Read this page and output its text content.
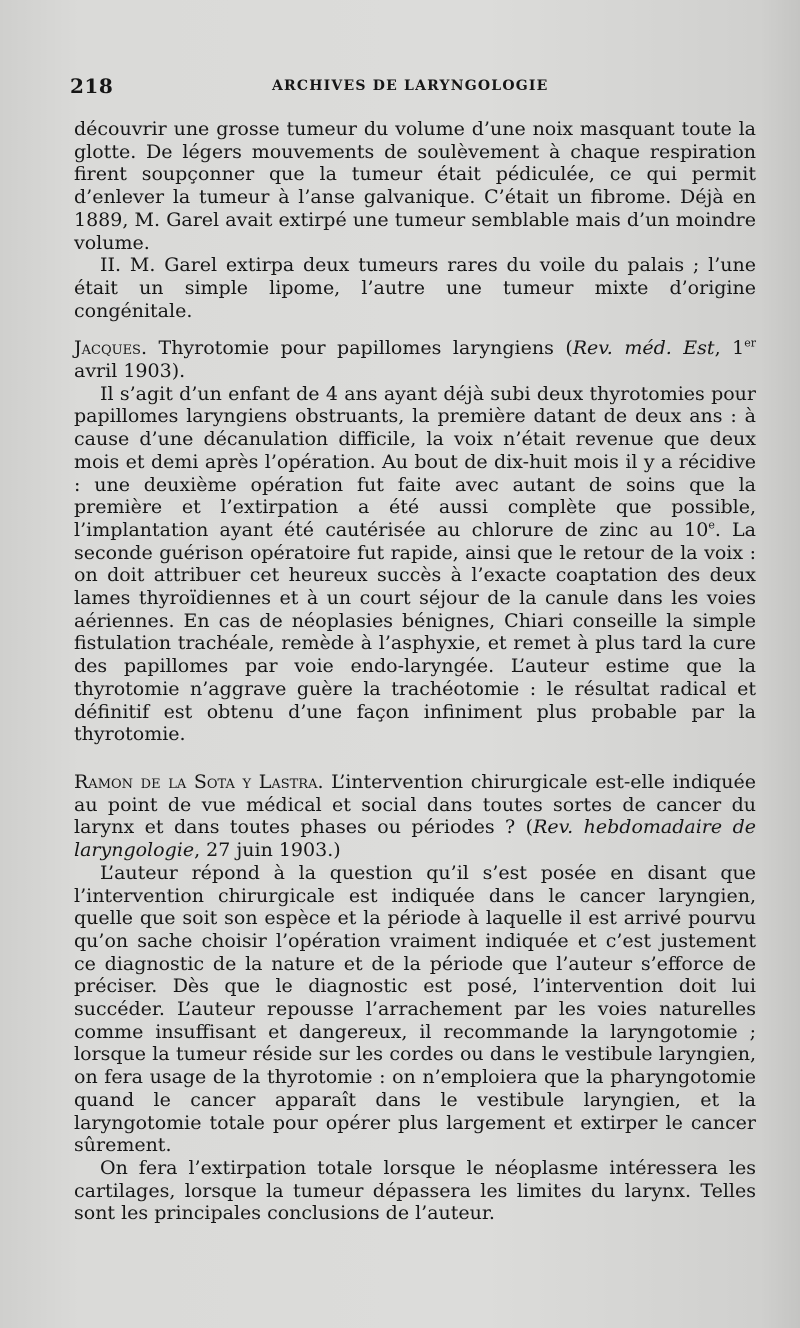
218	ARCHIVES DE LARYNGOLOGIE

découvrir une grosse tumeur du volume d’une noix masquant toute la glotte. De légers mouvements de soulèvement à chaque respiration firent soupçonner que la tumeur était pédiculée, ce qui permit d’enlever la tumeur à l’anse galvanique. C’était un fibrome. Déjà en 1889, M. Garel avait extirpé une tumeur semblable mais d’un moindre volume.

II. M. Garel extirpa deux tumeurs rares du voile du palais ; l’une était un simple lipome, l’autre une tumeur mixte d’origine congénitale.

Jacques. Thyrotomie pour papillomes laryngiens (Rev. méd. Est, 1er avril 1903).

Il s’agit d’un enfant de 4 ans ayant déjà subi deux thyrotomies pour papillomes laryngiens obstruants, la première datant de deux ans : à cause d’une décanulation difficile, la voix n’était revenue que deux mois et demi après l’opération. Au bout de dix-huit mois il y a récidive : une deuxième opération fut faite avec autant de soins que la première et l’extirpation a été aussi complète que possible, l’implantation ayant été cautérisée au chlorure de zinc au 10e. La seconde guérison opératoire fut rapide, ainsi que le retour de la voix : on doit attribuer cet heureux succès à l’exacte coaptation des deux lames thyroïdiennes et à un court séjour de la canule dans les voies aériennes. En cas de néoplasies bénignes, Chiari conseille la simple fistulation trachéale, remède à l’asphyxie, et remet à plus tard la cure des papillomes par voie endo-laryngée. L’auteur estime que la thyrotomie n’aggrave guère la trachéotomie : le résultat radical et définitif est obtenu d’une façon infiniment plus probable par la thyrotomie.

Ramon de la Sota y Lastra. L’intervention chirurgicale est-elle indiquée au point de vue médical et social dans toutes sortes de cancer du larynx et dans toutes phases ou périodes ? (Rev. hebdomadaire de laryngologie, 27 juin 1903.)

L’auteur répond à la question qu’il s’est posée en disant que l’intervention chirurgicale est indiquée dans le cancer laryngien, quelle que soit son espèce et la période à laquelle il est arrivé pourvu qu’on sache choisir l’opération vraiment indiquée et c’est justement ce diagnostic de la nature et de la période que l’auteur s’efforce de préciser. Dès que le diagnostic est posé, l’intervention doit lui succéder. L’auteur repousse l’arrachement par les voies naturelles comme insuffisant et dangereux, il recommande la laryngotomie ; lorsque la tumeur réside sur les cordes ou dans le vestibule laryngien, on fera usage de la thyrotomie : on n’emploiera que la pharyngotomie quand le cancer apparaît dans le vestibule laryngien, et la laryngotomie totale pour opérer plus largement et extirper le cancer sûrement.

On fera l’extirpation totale lorsque le néoplasme intéressera les cartilages, lorsque la tumeur dépassera les limites du larynx. Telles sont les principales conclusions de l’auteur.
